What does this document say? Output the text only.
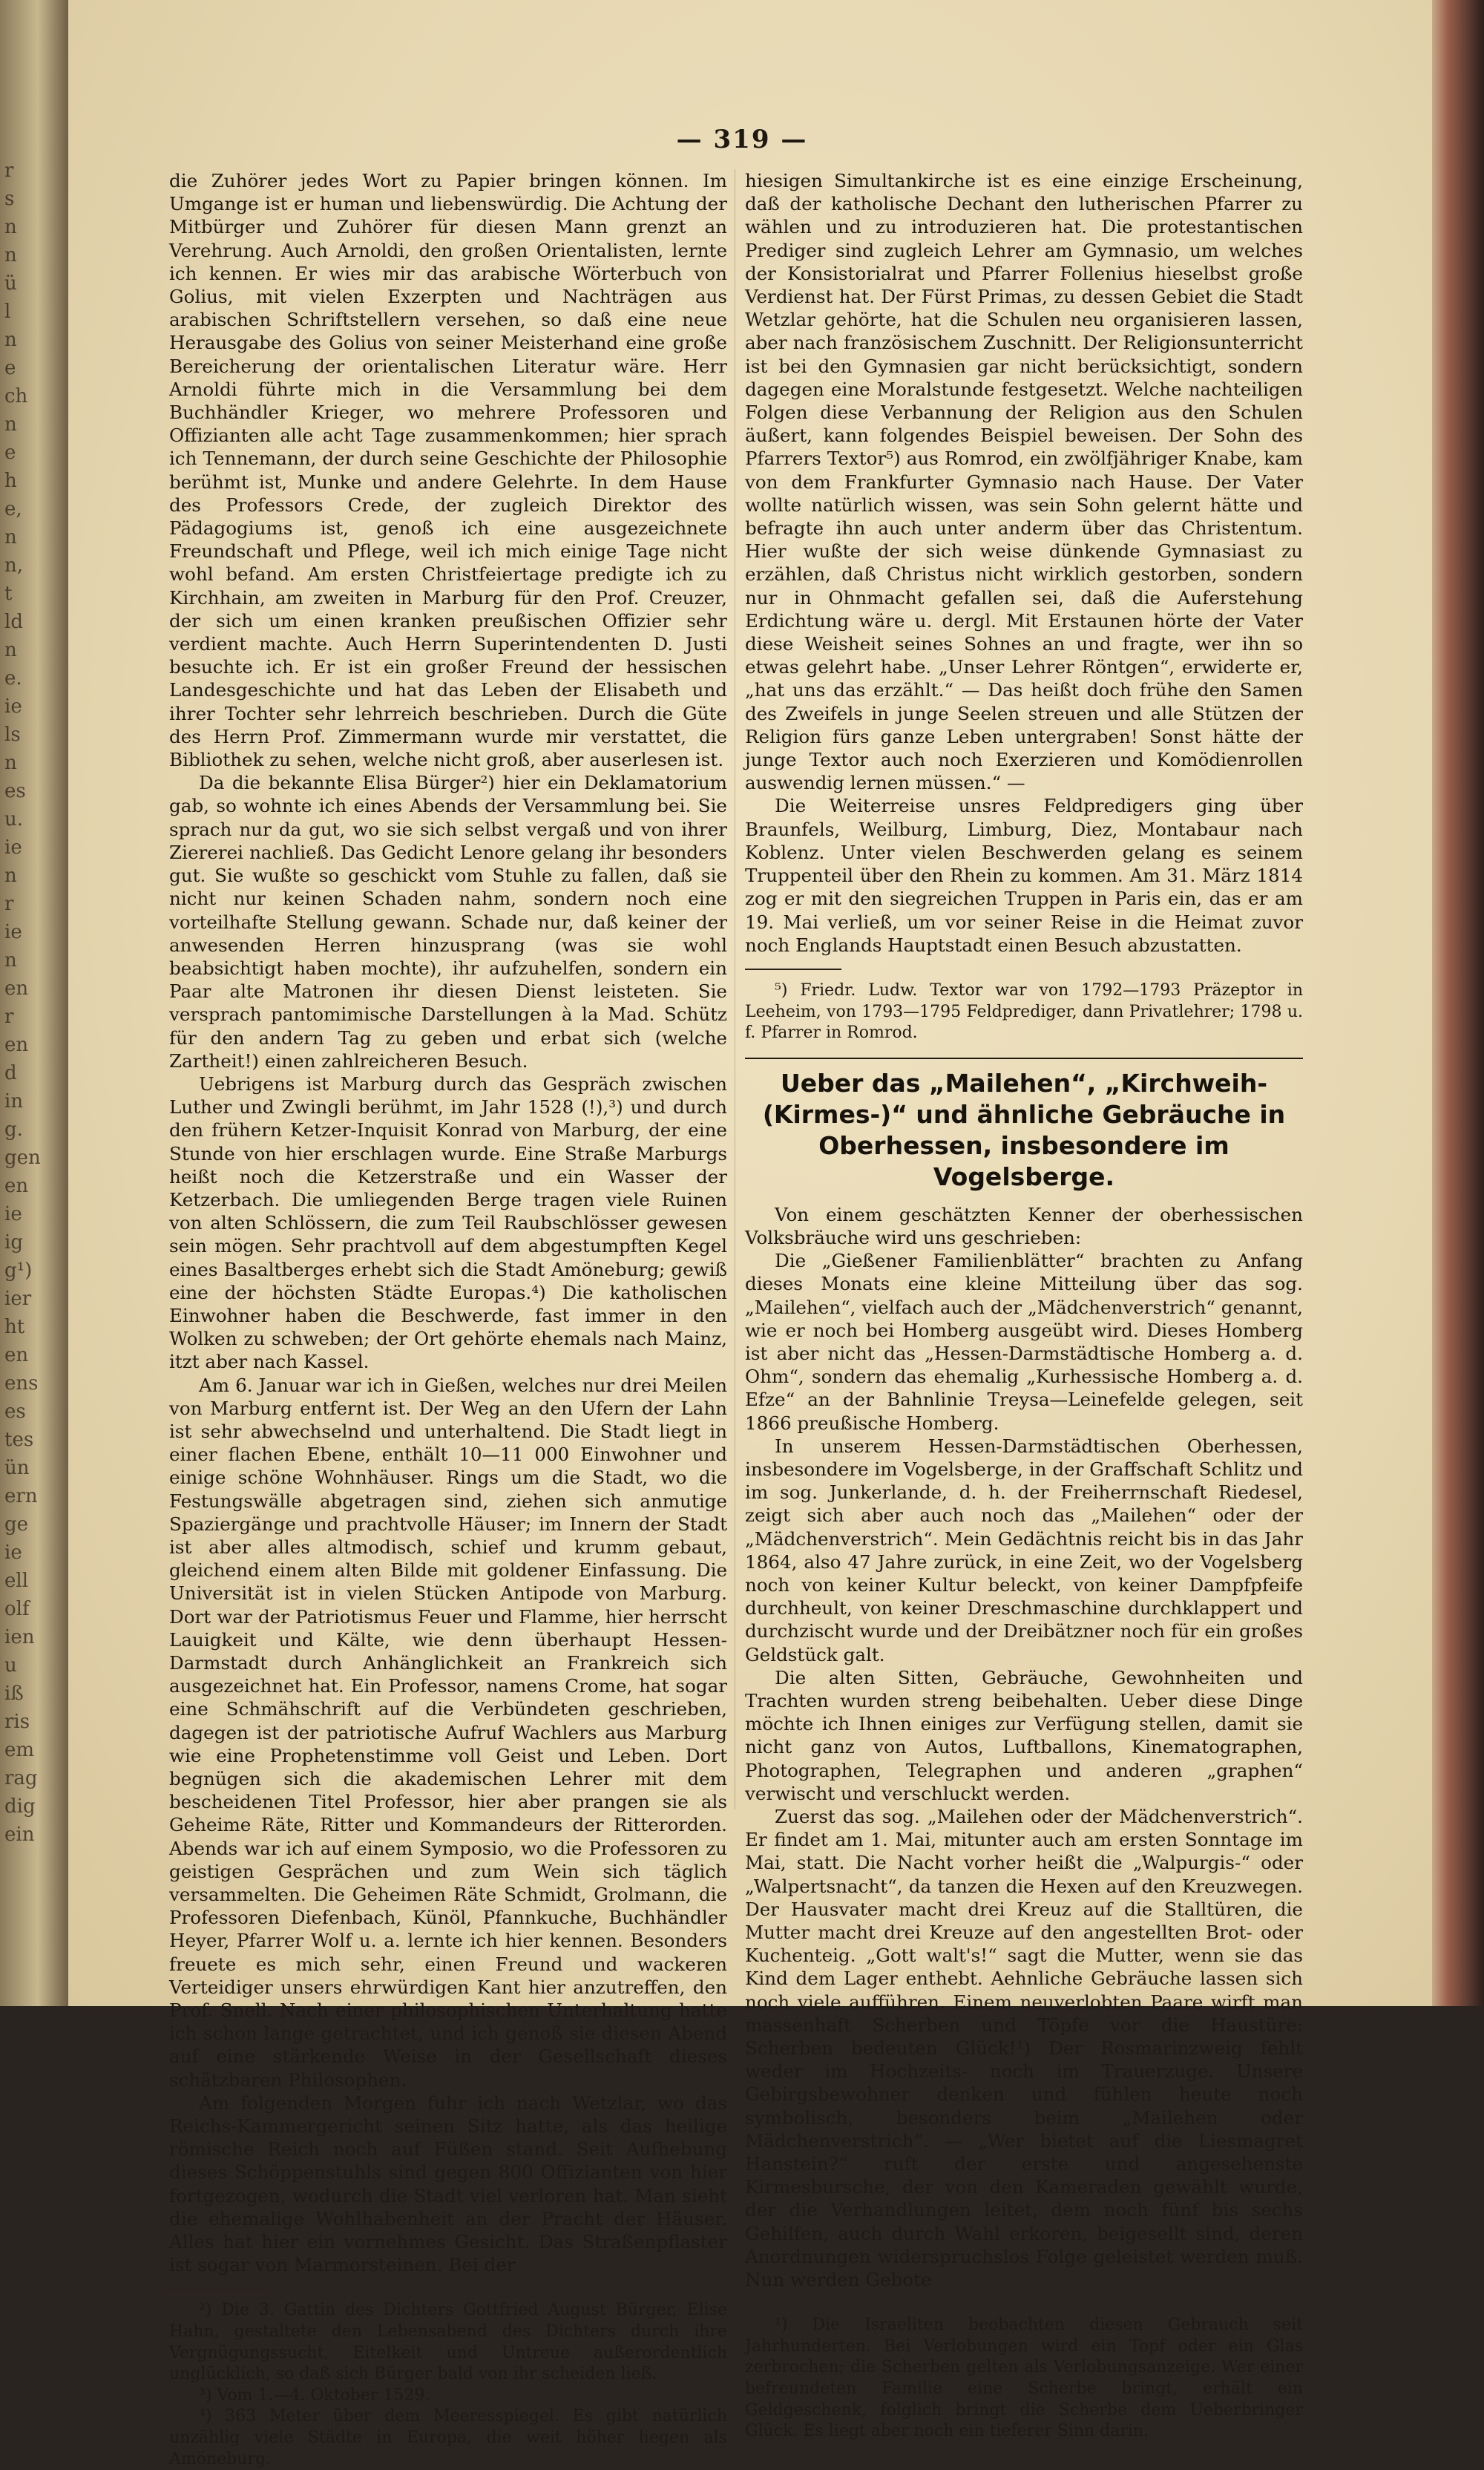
r
s
n
n
ü
l
n
e
ch
n
e
h
e,
n
n,
t
ld
n
e.
ie
ls
n
es
u.
ie
n
r
ie
n
en
r
en
d
in
g.
gen
en
ie
ig
g¹)
ier
ht
en
ens
es
tes
ün
ern
ge
ie
ell
olf
ien
u
iß
ris
em
rag
dig
ein
— 319 —

die Zuhörer jedes Wort zu Papier bringen können. Im Umgange ist er human und liebenswürdig. Die Achtung der Mitbürger und Zuhörer für diesen Mann grenzt an Verehrung. Auch Arnoldi, den großen Orientalisten, lernte ich kennen. Er wies mir das arabische Wörterbuch von Golius, mit vielen Exzerpten und Nachträgen aus arabischen Schriftstellern versehen, so daß eine neue Herausgabe des Golius von seiner Meisterhand eine große Bereicherung der orientalischen Literatur wäre. Herr Arnoldi führte mich in die Versammlung bei dem Buchhändler Krieger, wo mehrere Professoren und Offizianten alle acht Tage zusammenkommen; hier sprach ich Tennemann, der durch seine Geschichte der Philosophie berühmt ist, Munke und andere Gelehrte. In dem Hause des Professors Crede, der zugleich Direktor des Pädagogiums ist, genoß ich eine ausgezeichnete Freundschaft und Pflege, weil ich mich einige Tage nicht wohl befand. Am ersten Christfeiertage predigte ich zu Kirchhain, am zweiten in Marburg für den Prof. Creuzer, der sich um einen kranken preußischen Offizier sehr verdient machte. Auch Herrn Superintendenten D. Justi besuchte ich. Er ist ein großer Freund der hessischen Landesgeschichte und hat das Leben der Elisabeth und ihrer Tochter sehr lehrreich beschrieben. Durch die Güte des Herrn Prof. Zimmermann wurde mir verstattet, die Bibliothek zu sehen, welche nicht groß, aber auserlesen ist.

Da die bekannte Elisa Bürger²) hier ein Deklamatorium gab, so wohnte ich eines Abends der Versammlung bei. Sie sprach nur da gut, wo sie sich selbst vergaß und von ihrer Ziererei nachließ. Das Gedicht Lenore gelang ihr besonders gut. Sie wußte so geschickt vom Stuhle zu fallen, daß sie nicht nur keinen Schaden nahm, sondern noch eine vorteilhafte Stellung gewann. Schade nur, daß keiner der anwesenden Herren hinzusprang (was sie wohl beabsichtigt haben mochte), ihr aufzuhelfen, sondern ein Paar alte Matronen ihr diesen Dienst leisteten. Sie versprach pantomimische Darstellungen à la Mad. Schütz für den andern Tag zu geben und erbat sich (welche Zartheit!) einen zahlreicheren Besuch.

Uebrigens ist Marburg durch das Gespräch zwischen Luther und Zwingli berühmt, im Jahr 1528 (!),³) und durch den frühern Ketzer-Inquisit Konrad von Marburg, der eine Stunde von hier erschlagen wurde. Eine Straße Marburgs heißt noch die Ketzerstraße und ein Wasser der Ketzerbach. Die umliegenden Berge tragen viele Ruinen von alten Schlössern, die zum Teil Raubschlösser gewesen sein mögen. Sehr prachtvoll auf dem abgestumpften Kegel eines Basaltberges erhebt sich die Stadt Amöneburg; gewiß eine der höchsten Städte Europas.⁴) Die katholischen Einwohner haben die Beschwerde, fast immer in den Wolken zu schweben; der Ort gehörte ehemals nach Mainz, itzt aber nach Kassel.

Am 6. Januar war ich in Gießen, welches nur drei Meilen von Marburg entfernt ist. Der Weg an den Ufern der Lahn ist sehr abwechselnd und unterhaltend. Die Stadt liegt in einer flachen Ebene, enthält 10—11 000 Einwohner und einige schöne Wohnhäuser. Rings um die Stadt, wo die Festungswälle abgetragen sind, ziehen sich anmutige Spaziergänge und prachtvolle Häuser; im Innern der Stadt ist aber alles altmodisch, schief und krumm gebaut, gleichend einem alten Bilde mit goldener Einfassung. Die Universität ist in vielen Stücken Antipode von Marburg. Dort war der Patriotismus Feuer und Flamme, hier herrscht Lauigkeit und Kälte, wie denn überhaupt Hessen-Darmstadt durch Anhänglichkeit an Frankreich sich ausgezeichnet hat. Ein Professor, namens Crome, hat sogar eine Schmähschrift auf die Verbündeten geschrieben, dagegen ist der patriotische Aufruf Wachlers aus Marburg wie eine Prophetenstimme voll Geist und Leben. Dort begnügen sich die akademischen Lehrer mit dem bescheidenen Titel Professor, hier aber prangen sie als Geheime Räte, Ritter und Kommandeurs der Ritterorden. Abends war ich auf einem Symposio, wo die Professoren zu geistigen Gesprächen und zum Wein sich täglich versammelten. Die Geheimen Räte Schmidt, Grolmann, die Professoren Diefenbach, Künöl, Pfannkuche, Buchhändler Heyer, Pfarrer Wolf u. a. lernte ich hier kennen. Besonders freuete es mich sehr, einen Freund und wackeren Verteidiger unsers ehrwürdigen Kant hier anzutreffen, den Prof. Snell. Nach einer philosophischen Unterhaltung hatte ich schon lange getrachtet, und ich genoß sie diesen Abend auf eine stärkende Weise in der Gesellschaft dieses schätzbaren Philosophen.

Am folgenden Morgen fuhr ich nach Wetzlar, wo das Reichs-Kammergericht seinen Sitz hatte, als das heilige römische Reich noch auf Füßen stand. Seit Aufhebung dieses Schöppenstuhls sind gegen 800 Offizianten von hier fortgezogen, wodurch die Stadt viel verloren hat. Man sieht die ehemalige Wohlhabenheit an der Pracht der Häuser. Alles hat hier ein vornehmes Gesicht. Das Straßenpflaster ist sogar von Marmorsteinen. Bei der

²) Die 3. Gattin des Dichters Gottfried August Bürger, Elise Hahn, gestaltete den Lebensabend des Dichters durch ihre Vergnügungssucht, Eitelkeit und Untreue außerordentlich unglücklich, so daß sich Bürger bald von ihr scheiden ließ.

³) Vom 1.—4. Oktober 1529.

⁴) 363 Meter über dem Meeresspiegel. Es gibt natürlich unzählig viele Städte in Europa, die weit höher liegen als Amöneburg.

hiesigen Simultankirche ist es eine einzige Erscheinung, daß der katholische Dechant den lutherischen Pfarrer zu wählen und zu introduzieren hat. Die protestantischen Prediger sind zugleich Lehrer am Gymnasio, um welches der Konsistorialrat und Pfarrer Follenius hieselbst große Verdienst hat. Der Fürst Primas, zu dessen Gebiet die Stadt Wetzlar gehörte, hat die Schulen neu organisieren lassen, aber nach französischem Zuschnitt. Der Religionsunterricht ist bei den Gymnasien gar nicht berücksichtigt, sondern dagegen eine Moralstunde festgesetzt. Welche nachteiligen Folgen diese Verbannung der Religion aus den Schulen äußert, kann folgendes Beispiel beweisen. Der Sohn des Pfarrers Textor⁵) aus Romrod, ein zwölfjähriger Knabe, kam von dem Frankfurter Gymnasio nach Hause. Der Vater wollte natürlich wissen, was sein Sohn gelernt hätte und befragte ihn auch unter anderm über das Christentum. Hier wußte der sich weise dünkende Gymnasiast zu erzählen, daß Christus nicht wirklich gestorben, sondern nur in Ohnmacht gefallen sei, daß die Auferstehung Erdichtung wäre u. dergl. Mit Erstaunen hörte der Vater diese Weisheit seines Sohnes an und fragte, wer ihn so etwas gelehrt habe. „Unser Lehrer Röntgen“, erwiderte er, „hat uns das erzählt.“ — Das heißt doch frühe den Samen des Zweifels in junge Seelen streuen und alle Stützen der Religion fürs ganze Leben untergraben! Sonst hätte der junge Textor auch noch Exerzieren und Komödienrollen auswendig lernen müssen.“ —

Die Weiterreise unsres Feldpredigers ging über Braunfels, Weilburg, Limburg, Diez, Montabaur nach Koblenz. Unter vielen Beschwerden gelang es seinem Truppenteil über den Rhein zu kommen. Am 31. März 1814 zog er mit den siegreichen Truppen in Paris ein, das er am 19. Mai verließ, um vor seiner Reise in die Heimat zuvor noch Englands Hauptstadt einen Besuch abzustatten.

⁵) Friedr. Ludw. Textor war von 1792—1793 Präzeptor in Leeheim, von 1793—1795 Feldprediger, dann Privatlehrer; 1798 u. f. Pfarrer in Romrod.

Ueber das „Mailehen“, „Kirchweih-(Kirmes-)“ und ähnliche Gebräuche in Oberhessen, insbesondere im Vogelsberge.

Von einem geschätzten Kenner der oberhessischen Volksbräuche wird uns geschrieben:

Die „Gießener Familienblätter“ brachten zu Anfang dieses Monats eine kleine Mitteilung über das sog. „Mailehen“, vielfach auch der „Mädchenverstrich“ genannt, wie er noch bei Homberg ausgeübt wird. Dieses Homberg ist aber nicht das „Hessen-Darmstädtische Homberg a. d. Ohm“, sondern das ehemalig „Kurhessische Homberg a. d. Efze“ an der Bahnlinie Treysa—Leinefelde gelegen, seit 1866 preußische Homberg.

In unserem Hessen-Darmstädtischen Oberhessen, insbesondere im Vogelsberge, in der Graffschaft Schlitz und im sog. Junkerlande, d. h. der Freiherrnschaft Riedesel, zeigt sich aber auch noch das „Mailehen“ oder der „Mädchenverstrich“. Mein Gedächtnis reicht bis in das Jahr 1864, also 47 Jahre zurück, in eine Zeit, wo der Vogelsberg noch von keiner Kultur beleckt, von keiner Dampfpfeife durchheult, von keiner Dreschmaschine durchklappert und durchzischt wurde und der Dreibätzner noch für ein großes Geldstück galt.

Die alten Sitten, Gebräuche, Gewohnheiten und Trachten wurden streng beibehalten. Ueber diese Dinge möchte ich Ihnen einiges zur Verfügung stellen, damit sie nicht ganz von Autos, Luftballons, Kinematographen, Photographen, Telegraphen und anderen „graphen“ verwischt und verschluckt werden.

Zuerst das sog. „Mailehen oder der Mädchenverstrich“. Er findet am 1. Mai, mitunter auch am ersten Sonntage im Mai, statt. Die Nacht vorher heißt die „Walpurgis-“ oder „Walpertsnacht“, da tanzen die Hexen auf den Kreuzwegen. Der Hausvater macht drei Kreuz auf die Stalltüren, die Mutter macht drei Kreuze auf den angestellten Brot- oder Kuchenteig. „Gott walt's!“ sagt die Mutter, wenn sie das Kind dem Lager enthebt. Aehnliche Gebräuche lassen sich noch viele aufführen. Einem neuverlobten Paare wirft man massenhaft Scherben und Töpfe vor die Haustüre: Scherben bedeuten Glück!¹) Der Rosmarinzweig fehlt weder im Hochzeits- noch im Trauerzuge. Unsere Gebirgsbewohner denken und fühlen heute noch symbolisch, besonders beim „Mailehen oder Mädchenverstrich“. — „Wer bietet auf die Liesmagret Hanstein?“ ruft der erste und angesehenste Kirmesbursche, der von den Kameraden gewählt wurde, der die Verhandlungen leitet, dem noch fünf bis sechs Gehilfen, auch durch Wahl erkoren, beigesellt sind, deren Anordnungen widerspruchslos Folge geleistet werden muß. Nun werden Gebote

¹) Die Israeliten beobachten diesen Gebrauch seit Jahrhunderten. Bei Verlobungen wird ein Topf oder ein Glas zerbrochen; die Scherben gelten als Verlobungsanzeige. Wer einer befreundeten Familie eine Scherbe bringt, erhält ein Geldgeschenk, folglich bringt die Scherbe dem Ueberbringer Glück. Es liegt aber noch ein tieferer Sinn darin.
